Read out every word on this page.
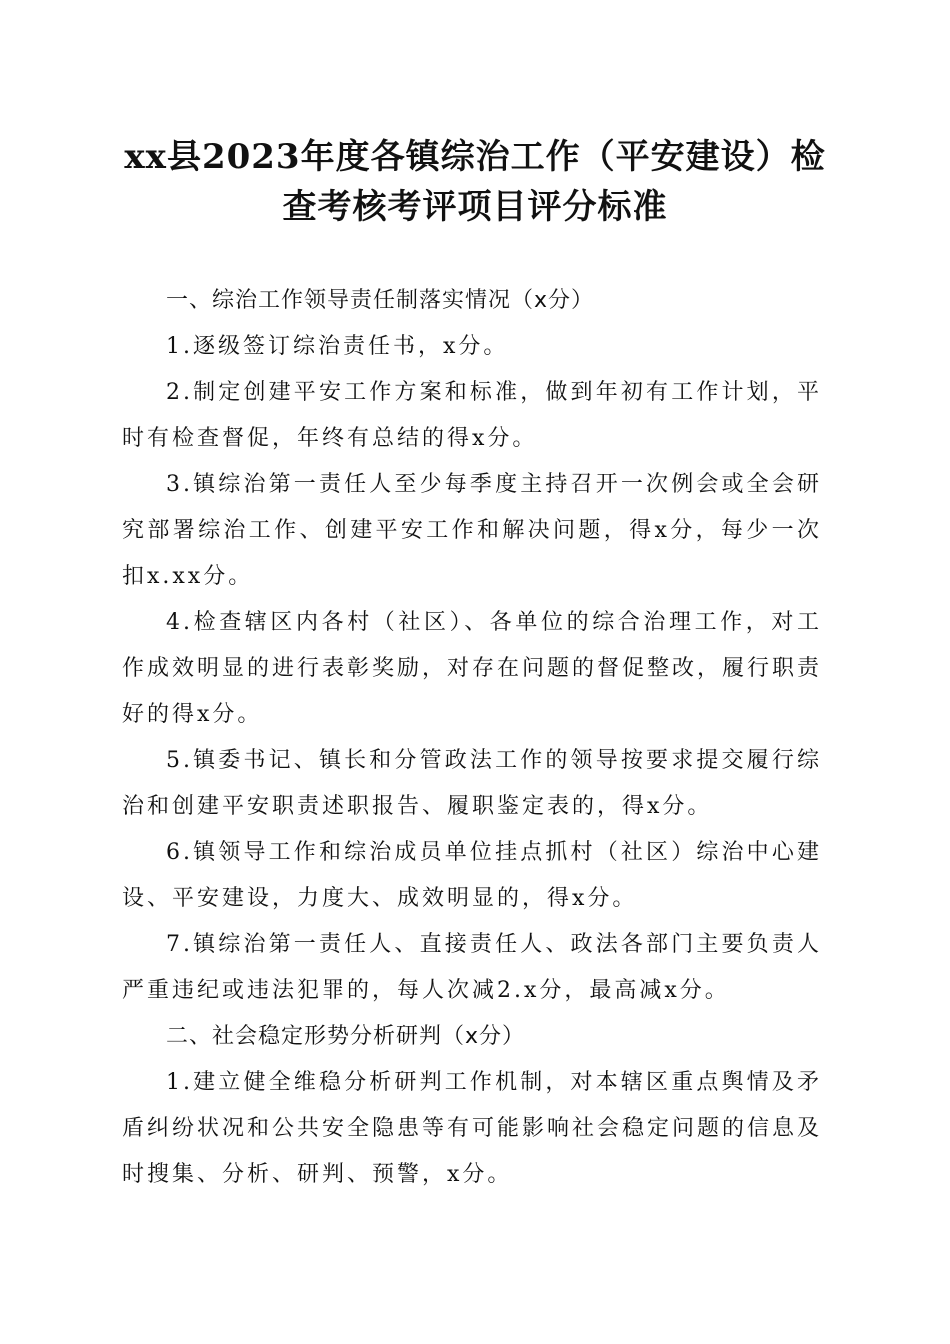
xx县2023年度各镇综治工作（平安建设）检
查考核考评项目评分标准

一、综治工作领导责任制落实情况（x分）

1.逐级签订综治责任书，x分。

2.制定创建平安工作方案和标准，做到年初有工作计划，平时有检查督促，年终有总结的得x分。

3.镇综治第一责任人至少每季度主持召开一次例会或全会研究部署综治工作、创建平安工作和解决问题，得x分，每少一次扣x.xx分。

4.检查辖区内各村（社区）、各单位的综合治理工作，对工作成效明显的进行表彰奖励，对存在问题的督促整改，履行职责好的得x分。

5.镇委书记、镇长和分管政法工作的领导按要求提交履行综治和创建平安职责述职报告、履职鉴定表的，得x分。

6.镇领导工作和综治成员单位挂点抓村（社区）综治中心建设、平安建设，力度大、成效明显的，得x分。

7.镇综治第一责任人、直接责任人、政法各部门主要负责人严重违纪或违法犯罪的，每人次减2.x分，最高减x分。

二、社会稳定形势分析研判（x分）

1.建立健全维稳分析研判工作机制，对本辖区重点舆情及矛盾纠纷状况和公共安全隐患等有可能影响社会稳定问题的信息及时搜集、分析、研判、预警，x分。
